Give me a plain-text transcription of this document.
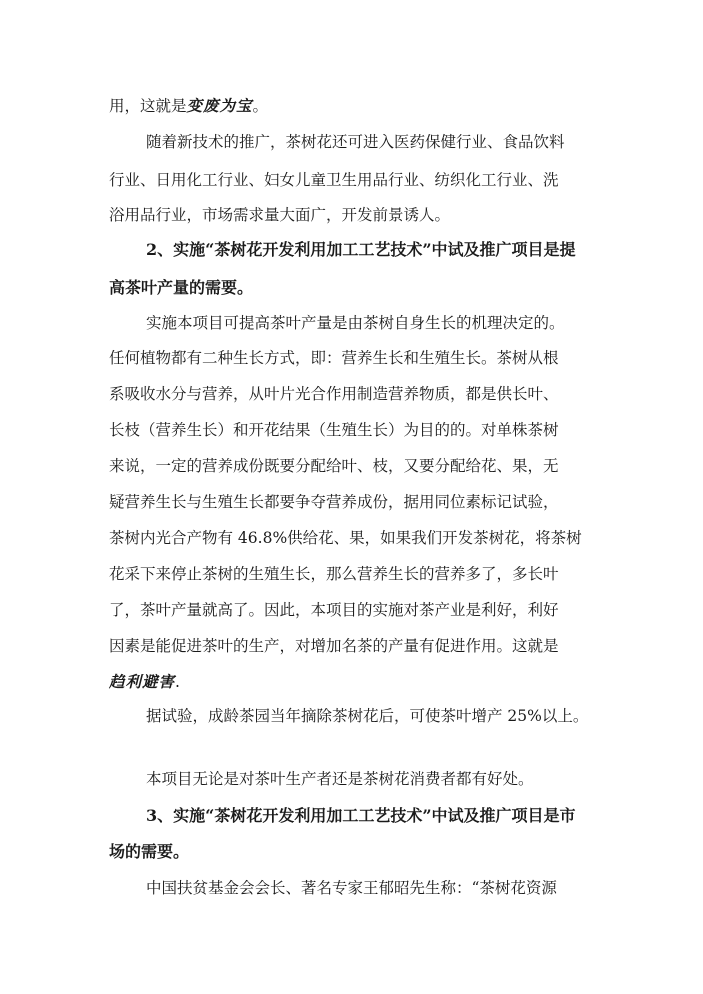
用，这就是变废为宝。
随着新技术的推广，茶树花还可进入医药保健行业、食品饮料
行业、日用化工行业、妇女儿童卫生用品行业、纺织化工行业、洗
浴用品行业，市场需求量大面广，开发前景诱人。
2、实施“茶树花开发利用加工工艺技术”中试及推广项目是提
高茶叶产量的需要。
实施本项目可提高茶叶产量是由茶树自身生长的机理决定的。
任何植物都有二种生长方式，即：营养生长和生殖生长。茶树从根
系吸收水分与营养，从叶片光合作用制造营养物质，都是供长叶、
长枝（营养生长）和开花结果（生殖生长）为目的的。对单株茶树
来说，一定的营养成份既要分配给叶、枝，又要分配给花、果，无
疑营养生长与生殖生长都要争夺营养成份，据用同位素标记试验，
茶树内光合产物有 46.8%供给花、果，如果我们开发茶树花，将茶树
花采下来停止茶树的生殖生长，那么营养生长的营养多了，多长叶
了，茶叶产量就高了。因此，本项目的实施对茶产业是利好，利好
因素是能促进茶叶的生产，对增加名茶的产量有促进作用。这就是
趋利避害.
据试验，成龄茶园当年摘除茶树花后，可使茶叶增产 25%以上。
本项目无论是对茶叶生产者还是茶树花消费者都有好处。
3、实施“茶树花开发利用加工工艺技术”中试及推广项目是市
场的需要。
中国扶贫基金会会长、著名专家王郁昭先生称：“茶树花资源
